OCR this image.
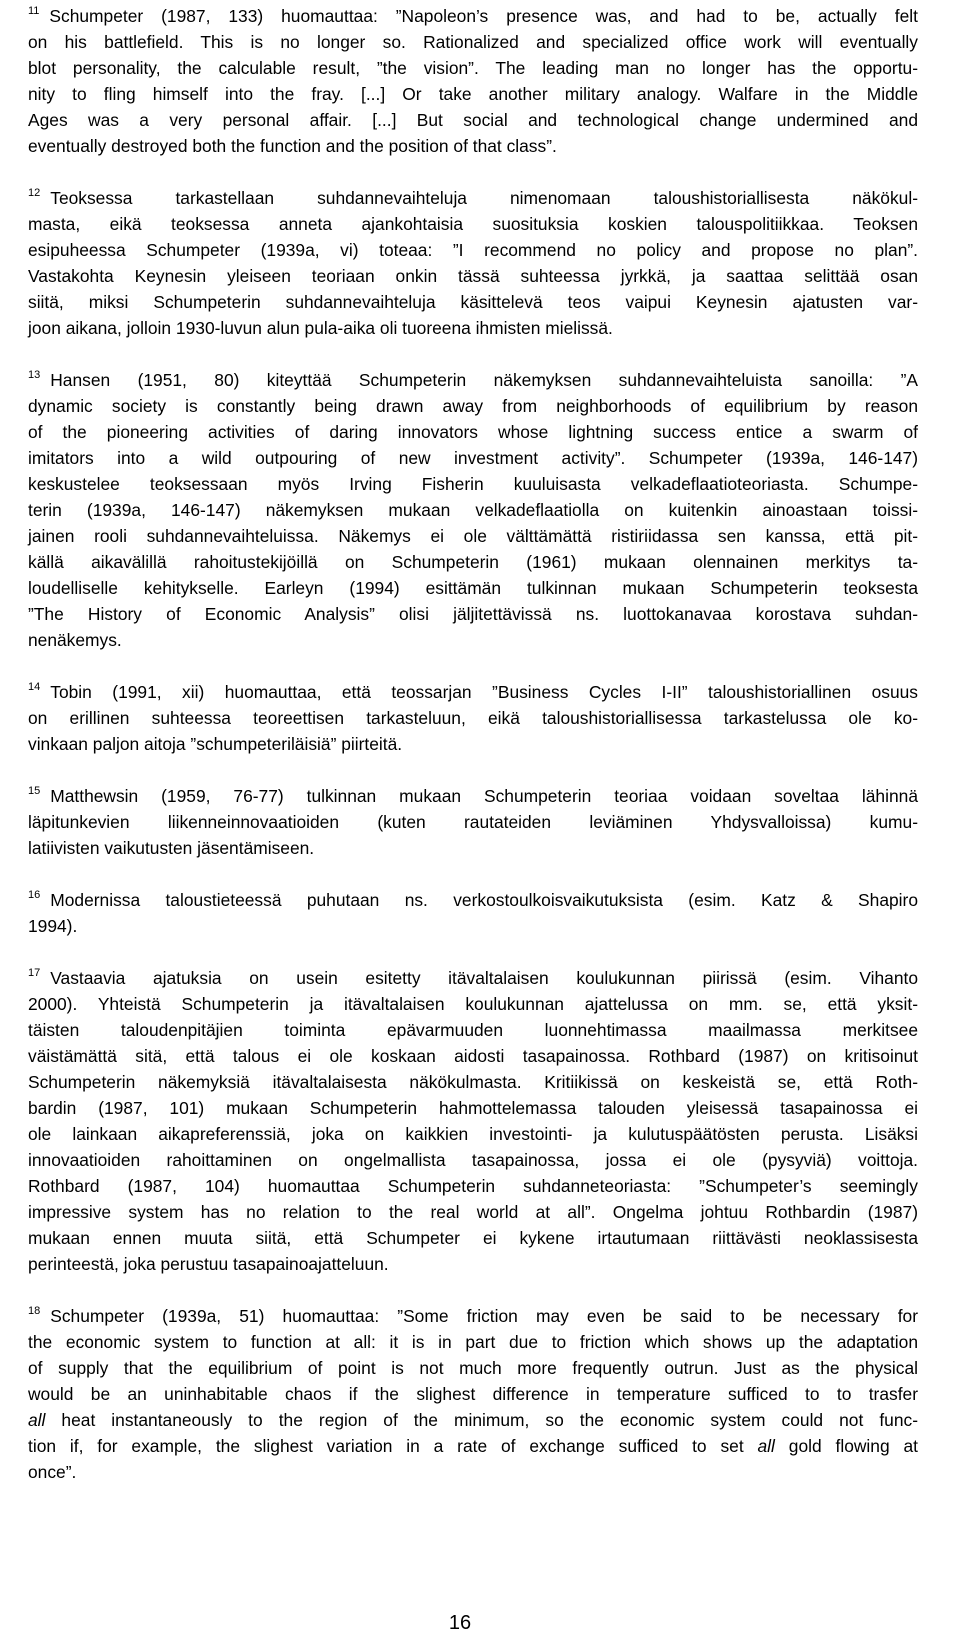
$^{11}$ Schumpeter (1987, 133) huomauttaa: ”Napoleon’s presence was, and had to be, actually felt
on his battlefield. This is no longer so. Rationalized and specialized office work will eventually
blot personality, the calculable result, ”the vision”. The leading man no longer has the opportu-
nity to fling himself into the fray. [...] Or take another military analogy. Walfare in the Middle
Ages was a very personal affair. [...] But social and technological change undermined and
eventually destroyed both the function and the position of that class”.
$^{12}$ Teoksessa tarkastellaan suhdannevaihteluja nimenomaan taloushistoriallisesta näkökul-
masta, eikä teoksessa anneta ajankohtaisia suosituksia koskien talouspolitiikkaa. Teoksen
esipuheessa Schumpeter (1939a, vi) toteaa: ”I recommend no policy and propose no plan”.
Vastakohta Keynesin yleiseen teoriaan onkin tässä suhteessa jyrkkä, ja saattaa selittää osan
siitä, miksi Schumpeterin suhdannevaihteluja käsittelevä teos vaipui Keynesin ajatusten var-
joon aikana, jolloin 1930-luvun alun pula-aika oli tuoreena ihmisten mielissä.
$^{13}$ Hansen (1951, 80) kiteyttää Schumpeterin näkemyksen suhdannevaihteluista sanoilla: ”A
dynamic society is constantly being drawn away from neighborhoods of equilibrium by reason
of the pioneering activities of daring innovators whose lightning success entice a swarm of
imitators into a wild outpouring of new investment activity”. Schumpeter (1939a, 146-147)
keskustelee teoksessaan myös Irving Fisherin kuuluisasta velkadeflaatioteoriasta. Schumpe-
terin (1939a, 146-147) näkemyksen mukaan velkadeflaatiolla on kuitenkin ainoastaan toissi-
jainen rooli suhdannevaihteluissa. Näkemys ei ole välttämättä ristiriidassa sen kanssa, että pit-
källä aikavälillä rahoitustekijöillä on Schumpeterin (1961) mukaan olennainen merkitys ta-
loudelliselle kehitykselle. Earleyn (1994) esittämän tulkinnan mukaan Schumpeterin teoksesta
”The History of Economic Analysis” olisi jäljitettävissä ns. luottokanavaa korostava suhdan-
nenäkemys.
$^{14}$ Tobin (1991, xii) huomauttaa, että teossarjan ”Business Cycles I-II” taloushistoriallinen osuus
on erillinen suhteessa teoreettisen tarkasteluun, eikä taloushistoriallisessa tarkastelussa ole ko-
vinkaan paljon aitoja ”schumpeteriläisiä” piirteitä.
$^{15}$ Matthewsin (1959, 76-77) tulkinnan mukaan Schumpeterin teoriaa voidaan soveltaa lähinnä
läpitunkevien liikenneinnovaatioiden (kuten rautateiden leviäminen Yhdysvalloissa) kumu-
latiivisten vaikutusten jäsentämiseen.
$^{16}$ Modernissa taloustieteessä puhutaan ns. verkostoulkoisvaikutuksista (esim. Katz & Shapiro
1994).
$^{17}$ Vastaavia ajatuksia on usein esitetty itävaltalaisen koulukunnan piirissä (esim. Vihanto
2000). Yhteistä Schumpeterin ja itävaltalaisen koulukunnan ajattelussa on mm. se, että yksit-
täisten taloudenpitäjien toiminta epävarmuuden luonnehtimassa maailmassa merkitsee
väistämättä sitä, että talous ei ole koskaan aidosti tasapainossa. Rothbard (1987) on kritisoinut
Schumpeterin näkemyksiä itävaltalaisesta näkökulmasta. Kritiikissä on keskeistä se, että Roth-
bardin (1987, 101) mukaan Schumpeterin hahmottelemassa talouden yleisessä tasapainossa ei
ole lainkaan aikapreferenssiä, joka on kaikkien investointi- ja kulutuspäätösten perusta. Lisäksi
innovaatioiden rahoittaminen on ongelmallista tasapainossa, jossa ei ole (pysyviä) voittoja.
Rothbard (1987, 104) huomauttaa Schumpeterin suhdanneteoriasta: ”Schumpeter’s seemingly
impressive system has no relation to the real world at all”. Ongelma johtuu Rothbardin (1987)
mukaan ennen muuta siitä, että Schumpeter ei kykene irtautumaan riittävästi neoklassisesta
perinteestä, joka perustuu tasapainoajatteluun.
$^{18}$ Schumpeter (1939a, 51) huomauttaa: ”Some friction may even be said to be necessary for
the economic system to function at all: it is in part due to friction which shows up the adaptation
of supply that the equilibrium of point is not much more frequently outrun. Just as the physical
would be an uninhabitable chaos if the slighest difference in temperature sufficed to to trasfer
all heat instantaneously to the region of the minimum, so the economic system could not func-
tion if, for example, the slighest variation in a rate of exchange sufficed to set all gold flowing at
once”.
16
